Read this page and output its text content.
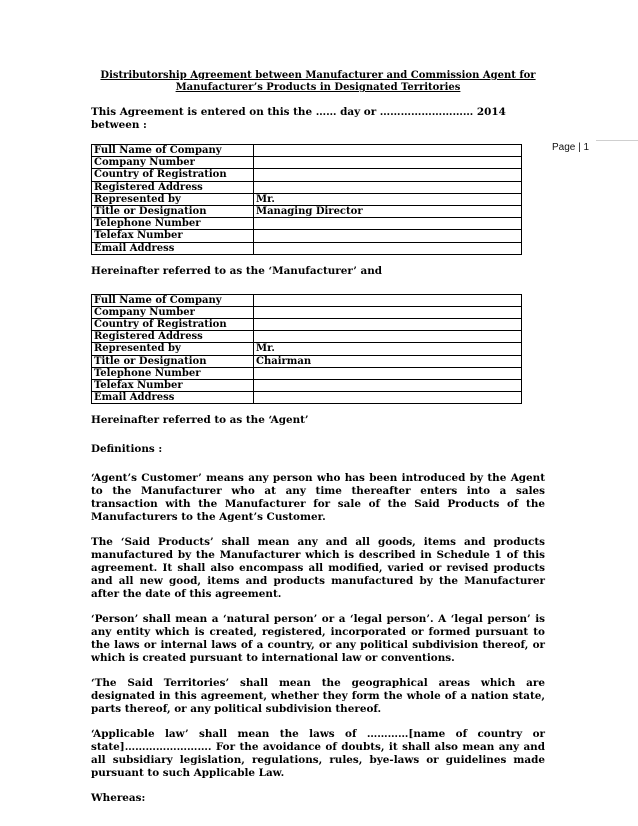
Page | 1
Distributorship Agreement between Manufacturer and Commission Agent for
Manufacturer’s Products in Designated Territories

This Agreement is entered on this the …… day or ……………………… 2014 between :

Full Name of Company	
Company Number	
Country of Registration	
Registered Address	
Represented by	Mr.
Title or Designation	Managing Director
Telephone Number	
Telefax Number	
Email Address	

Hereinafter referred to as the ‘Manufacturer’ and

Full Name of Company	
Company Number	
Country of Registration	
Registered Address	
Represented by	Mr.
Title or Designation	Chairman
Telephone Number	
Telefax Number	
Email Address	

Hereinafter referred to as the ‘Agent’

Definitions :

‘Agent’s Customer’ means any person who has been introduced by the Agent to the Manufacturer who at any time thereafter enters into a sales transaction with the Manufacturer for sale of the Said Products of the Manufacturers to the Agent’s Customer.

The ‘Said Products’ shall mean any and all goods, items and products manufactured by the Manufacturer which is described in Schedule 1 of this agreement. It shall also encompass all modified, varied or revised products and all new good, items and products manufactured by the Manufacturer after the date of this agreement.

‘Person’ shall mean a ‘natural person’ or a ‘legal person’. A ‘legal person’ is any entity which is created, registered, incorporated or formed pursuant to the laws or internal laws of a country, or any political subdivision thereof, or which is created pursuant to international law or conventions.

‘The Said Territories’ shall mean the geographical areas which are designated in this agreement, whether they form the whole of a nation state, parts thereof, or any political subdivision thereof.

‘Applicable law’ shall mean the laws of …………[name of country or state]……………………. For the avoidance of doubts, it shall also mean any and all subsidiary legislation, regulations, rules, bye-laws or guidelines made pursuant to such Applicable Law.

Whereas:
